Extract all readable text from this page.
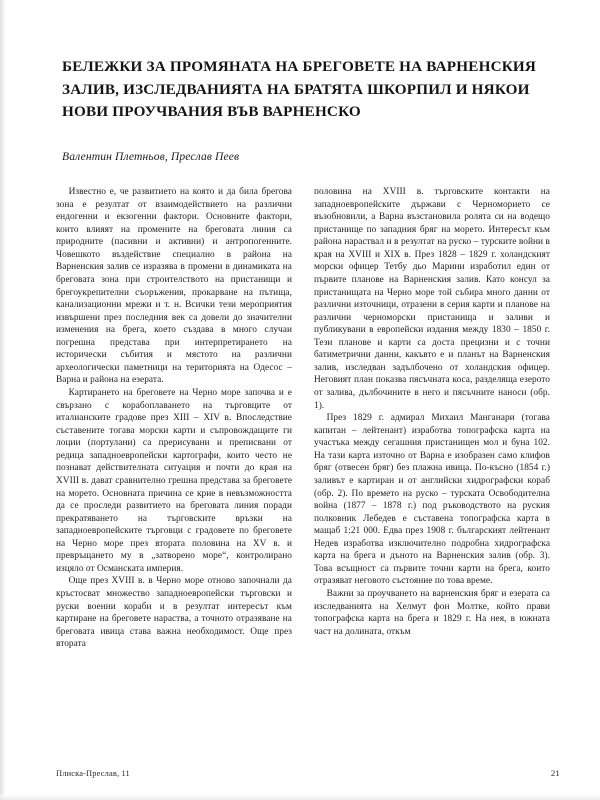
БЕЛЕЖКИ ЗА ПРОМЯНАТА НА БРЕГОВЕТЕ НА ВАРНЕНСКИЯ ЗАЛИВ, ИЗСЛЕДВАНИЯТА НА БРАТЯТА ШКОРПИЛ И НЯКОИ НОВИ ПРОУЧВАНИЯ ВЪВ ВАРНЕНСКО
Валентин Плетньов, Преслав Пеев

Известно е, че развитието на която и да била брегова зона е резултат от взаимодействието на различни ендогенни и екзогенни фактори. Основните фактори, които влияят на промените на бреговата линия са природните (пасивни и активни) и антропогенните. Човешкото въздействие специално в района на Варненския залив се изразява в промени в динамиката на бреговата зона при строителството на пристанищи и брегоукрепителни съоръжения, прокарване на пътища, канализационни мрежи и т. н. Всички тези мероприятия извършени през последния век са довели до значителни изменения на брега, което създава в много случаи погрешна представа при интерпретирането на исторически събития и мястото на различни археологически паметници на територията на Одесос – Варна и района на езерата.

Картирането на бреговете на Черно море започва и е свързано с корабоплаването на търговците от италианските градове през XIII – XIV в. Впоследствие съставените тогава морски карти и съпровождащите ги лоции (портулани) са прерисувани и преписвани от редица западноевропейски картографи, които често не познават действителната ситуация и почти до края на XVIII в. дават сравнително грешна представа за бреговете на морето. Основната причина се крие в невъзможността да се проследи развитието на бреговата линия поради прекратяването на търговските връзки на западноевропейските търговци с градовете по бреговете на Черно море през втората половина на XV в. и превръщането му в „затворено море“, контролирано изцяло от Османската империя.

Още през XVIII в. в Черно море отново започнали да кръстосват множество западноевропейски търговски и руски военни кораби и в резултат интересът към картиране на бреговете нараства, а точното отразяване на бреговата ивица става важна необходимост. Още през втората

половина на XVIII в. търговските контакти на западноевропейските държави с Черноморието се възобновили, а Варна възстановила ролята си на водещо пристанище по западния бряг на морето. Интересът към района нараствал и в резултат на руско – турските войни в края на XVIII и XIX в. През 1828 – 1829 г. холандският морски офицер Тетбу дьо Марини изработил един от първите планове на Варненския залив. Като консул за пристанищата на Черно море той събира много данни от различни източници, отразени в серия карти и планове на различни черноморски пристанища и заливи и публикувани в европейски издания между 1830 – 1850 г. Тези планове и карти са доста прецизни и с точни батиметрични данни, какъвто е и планът на Варненския залив, изследван задълбочено от холандския офицер. Неговият план показва пясъчната коса, разделяща езерото от залива, дълбочините в него и пясъчните наноси (обр. 1).

През 1829 г. адмирал Михаил Манганари (тогава капитан – лейтенант) изработва топографска карта на участъка между сегашния пристанищен мол и буна 102. На тази карта източно от Варна е изобразен само клифов бряг (отвесен бряг) без плажна ивица. По-късно (1854 г.) заливът е картиран и от английски хидрографски кораб (обр. 2). По времето на руско – турската Освободителна война (1877 – 1878 г.) под ръководството на руския полковник Лебедев е съставена топографска карта в мащаб 1:21 000. Едва през 1908 г. българският лейтенант Недев изработва изключително подробна хидрографска карта на брега и дъното на Варненския залив (обр. 3). Това всъщност са първите точни карти на брега, които отразяват неговото състояние по това време.

Важни за проучването на варненския бряг и езерата са изследванията на Хелмут фон Молтке, който прави топографска карта на брега и 1829 г. На нея, в южната част на долината, откъм

Плиска-Преслав, 11	21
